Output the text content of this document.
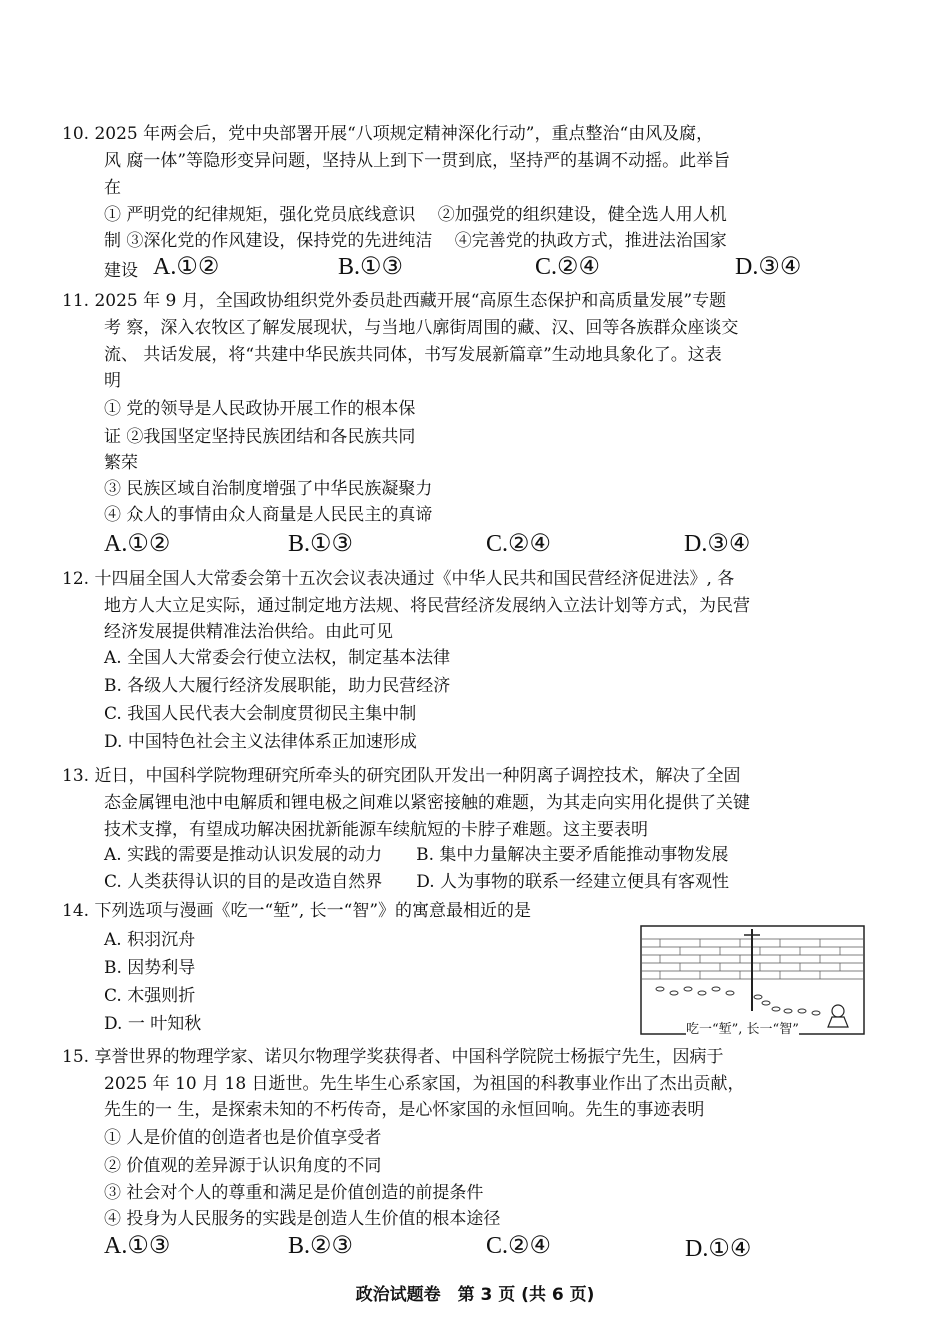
10. 2025 年两会后，党中央部署开展“八项规定精神深化行动”，重点整治“由风及腐，
风 腐一体”等隐形变异问题，坚持从上到下一贯到底，坚持严的基调不动摇。此举旨
在
① 严明党的纪律规矩，强化党员底线意识　 ②加强党的组织建设，健全选人用人机
制 ③深化党的作风建设，保持党的先进纯洁　 ④完善党的执政方式，推进法治国家
建设 A.①②	B.①③	C.②④	D.③④
11. 2025 年 9 月，全国政协组织党外委员赴西藏开展“高原生态保护和高质量发展”专题
考 察，深入农牧区了解发展现状，与当地八廓街周围的藏、汉、回等各族群众座谈交
流、 共话发展，将“共建中华民族共同体，书写发展新篇章”生动地具象化了。这表
明
① 党的领导是人民政协开展工作的根本保
证 ②我国坚定坚持民族团结和各民族共同
繁荣
③ 民族区域自治制度增强了中华民族凝聚力
④ 众人的事情由众人商量是人民民主的真谛
A.①②	B.①③	C.②④	D.③④
12. 十四届全国人大常委会第十五次会议表决通过《中华人民共和国民营经济促进法》, 各
地方人大立足实际，通过制定地方法规、将民营经济发展纳入立法计划等方式，为民营
经济发展提供精准法治供给。由此可见
A. 全国人大常委会行使立法权，制定基本法律
B. 各级人大履行经济发展职能，助力民营经济
C. 我国人民代表大会制度贯彻民主集中制
D. 中国特色社会主义法律体系正加速形成
13. 近日，中国科学院物理研究所牵头的研究团队开发出一种阴离子调控技术，解决了全固
态金属锂电池中电解质和锂电极之间难以紧密接触的难题，为其走向实用化提供了关键
技术支撑，有望成功解决困扰新能源车续航短的卡脖子难题。这主要表明
A. 实践的需要是推动认识发展的动力　　B. 集中力量解决主要矛盾能推动事物发展
C. 人类获得认识的目的是改造自然界　　D. 人为事物的联系一经建立便具有客观性
14. 下列选项与漫画《吃一“堑”, 长一“智”》的寓意最相近的是
A. 积羽沉舟
B. 因势利导
C. 木强则折
D. 一 叶知秋	吃一“堑”, 长一“智”
15. 享誉世界的物理学家、诺贝尔物理学奖获得者、中国科学院院士杨振宁先生，因病于
2025 年 10 月 18 日逝世。先生毕生心系家国，为祖国的科教事业作出了杰出贡献，
先生的一 生，是探索未知的不朽传奇，是心怀家国的永恒回响。先生的事迹表明
① 人是价值的创造者也是价值享受者
② 价值观的差异源于认识角度的不同
③ 社会对个人的尊重和满足是价值创造的前提条件
④ 投身为人民服务的实践是创造人生价值的根本途径
A.①③	B.②③	C.②④	D.①④
政治试题卷　第 3 页 (共 6 页)
